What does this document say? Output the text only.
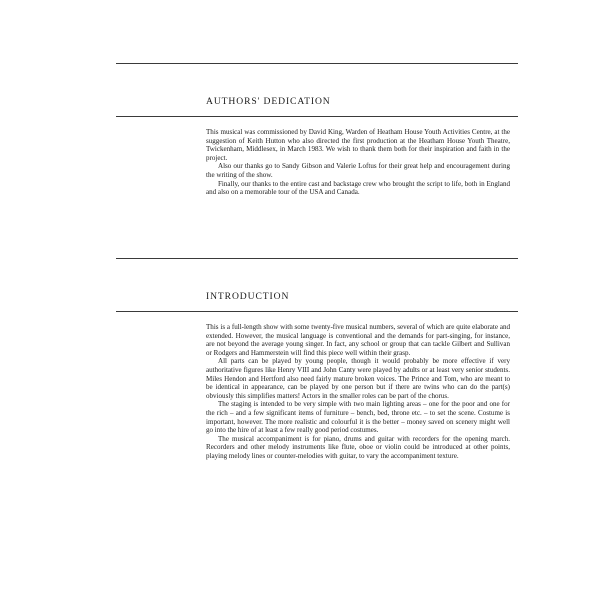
AUTHORS' DEDICATION

This musical was commissioned by David King, Warden of Heatham House Youth Activities Centre, at the suggestion of Keith Hutton who also directed the first production at the Heatham House Youth Theatre, Twickenham, Middlesex, in March 1983. We wish to thank them both for their inspiration and faith in the project.

Also our thanks go to Sandy Gibson and Valerie Loftus for their great help and encouragement during the writing of the show.

Finally, our thanks to the entire cast and backstage crew who brought the script to life, both in England and also on a memorable tour of the USA and Canada.

INTRODUCTION

This is a full-length show with some twenty-five musical numbers, several of which are quite elaborate and extended. However, the musical language is conventional and the demands for part-singing, for instance, are not beyond the average young singer. In fact, any school or group that can tackle Gilbert and Sullivan or Rodgers and Hammerstein will find this piece well within their grasp.

All parts can be played by young people, though it would probably be more effective if very authoritative figures like Henry VIII and John Canty were played by adults or at least very senior students. Miles Hendon and Hertford also need fairly mature broken voices. The Prince and Tom, who are meant to be identical in appearance, can be played by one person but if there are twins who can do the part(s) obviously this simplifies matters! Actors in the smaller roles can be part of the chorus.

The staging is intended to be very simple with two main lighting areas – one for the poor and one for the rich – and a few significant items of furniture – bench, bed, throne etc. – to set the scene. Costume is important, however. The more realistic and colourful it is the better – money saved on scenery might well go into the hire of at least a few really good period costumes.

The musical accompaniment is for piano, drums and guitar with recorders for the opening march. Recorders and other melody instruments like flute, oboe or violin could be introduced at other points, playing melody lines or counter-melodies with guitar, to vary the accompaniment texture.
